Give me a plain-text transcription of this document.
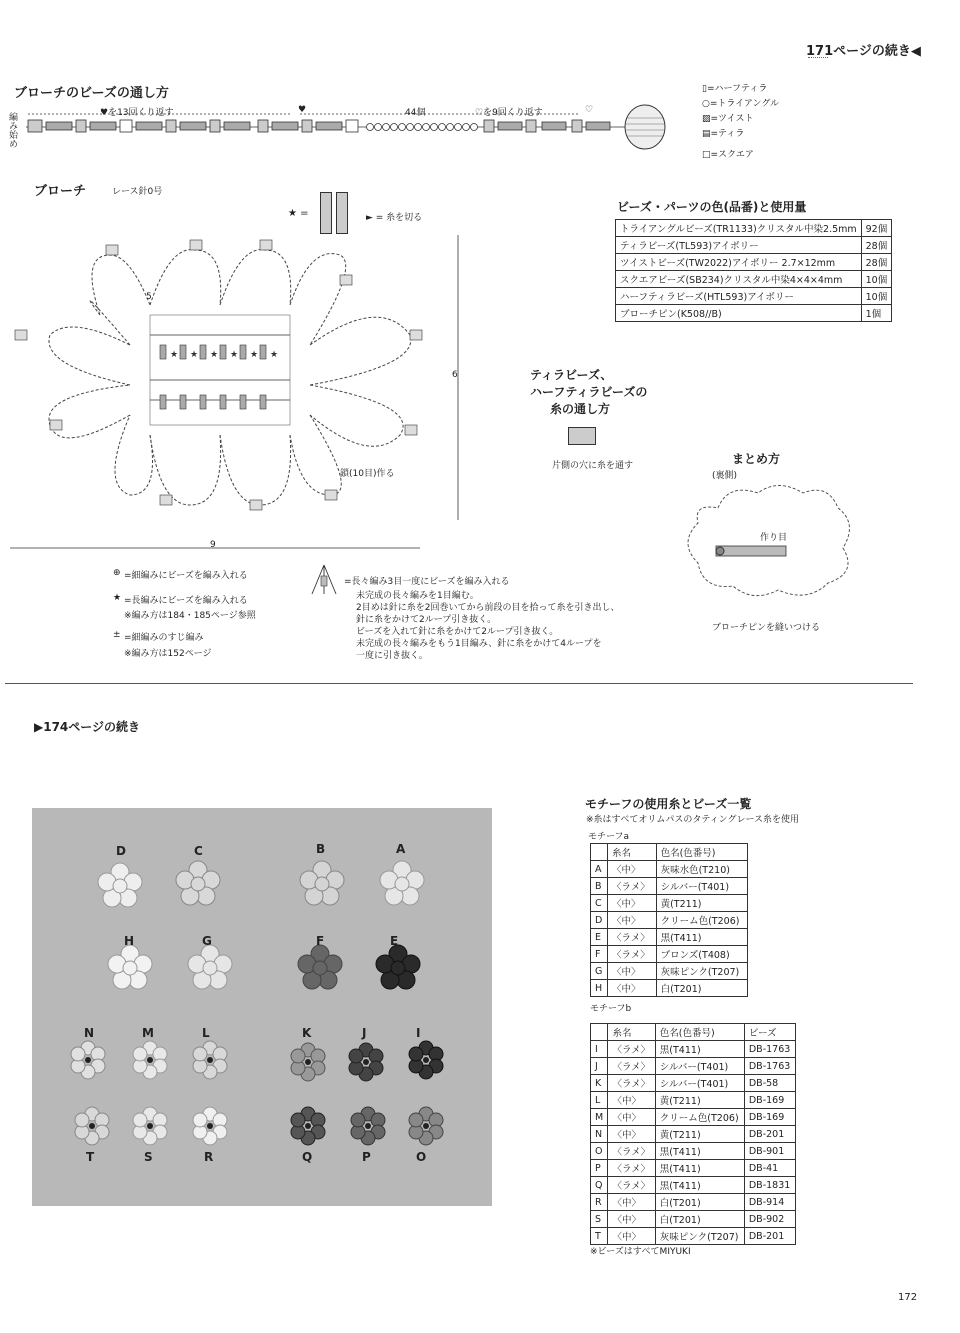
171ページの続き◀
ブローチのビーズの通し方
編み始め	♥を13回くり返す	♥	44個	♡を9回くり返す	♡
▯=ハーフティラ
○=トライアングル
▨=ツイスト
▤=ティラ
□=スクエア
ブローチ	レース針0号
★ =	► = 糸を切る
★ ★ ★ ★ ★ ★
6
9
鎖(10目)作る
5
ビーズ・パーツの色(品番)と使用量
トライアングルビーズ(TR1133)クリスタル中染2.5mm	92個
ティラビーズ(TL593)アイボリー	28個
ツイストビーズ(TW2022)アイボリー 2.7×12mm	28個
スクエアビーズ(SB234)クリスタル中染4×4×4mm	10個
ハーフティラビーズ(HTL593)アイボリー	10個
ブローチピン(K508//B)	1個
ティラビーズ、
ハーフティラビーズの
糸の通し方
片側の穴に糸を通す	まとめ方
(裏側)
作り目
ブローチピンを縫いつける
⊕ =細編みにビーズを編み入れる
★ =長編みにビーズを編み入れる
※編み方は184・185ページ参照
± =細編みのすじ編み
※編み方は152ページ
=長々編み3目一度にビーズを編み入れる
未完成の長々編みを1目編む。
2目めは針に糸を2回巻いてから前段の目を拾って糸を引き出し、
針に糸をかけて2ループ引き抜く。
ビーズを入れて針に糸をかけて2ループ引き抜く。
未完成の長々編みをもう1目編み、針に糸をかけて4ループを
一度に引き抜く。
▶174ページの続き
D	C	B	A
H	G	F	E
N	M	L	K	J	I
T	S	R	Q	P	O
モチーフの使用糸とビーズ一覧
※糸はすべてオリムパスのタティングレース糸を使用
モチーフa
	糸名	色名(色番号)
A	〈中〉	灰味水色(T210)
B	〈ラメ〉	シルバー(T401)
C	〈中〉	黄(T211)
D	〈中〉	クリーム色(T206)
E	〈ラメ〉	黒(T411)
F	〈ラメ〉	ブロンズ(T408)
G	〈中〉	灰味ピンク(T207)
H	〈中〉	白(T201)
モチーフb
	糸名	色名(色番号)	ビーズ
I	〈ラメ〉	黒(T411)	DB-1763
J	〈ラメ〉	シルバー(T401)	DB-1763
K	〈ラメ〉	シルバー(T401)	DB-58
L	〈中〉	黄(T211)	DB-169
M	〈中〉	クリーム色(T206)	DB-169
N	〈中〉	黄(T211)	DB-201
O	〈ラメ〉	黒(T411)	DB-901
P	〈ラメ〉	黒(T411)	DB-41
Q	〈ラメ〉	黒(T411)	DB-1831
R	〈中〉	白(T201)	DB-914
S	〈中〉	白(T201)	DB-902
T	〈中〉	灰味ピンク(T207)	DB-201
※ビーズはすべてMIYUKI
172
